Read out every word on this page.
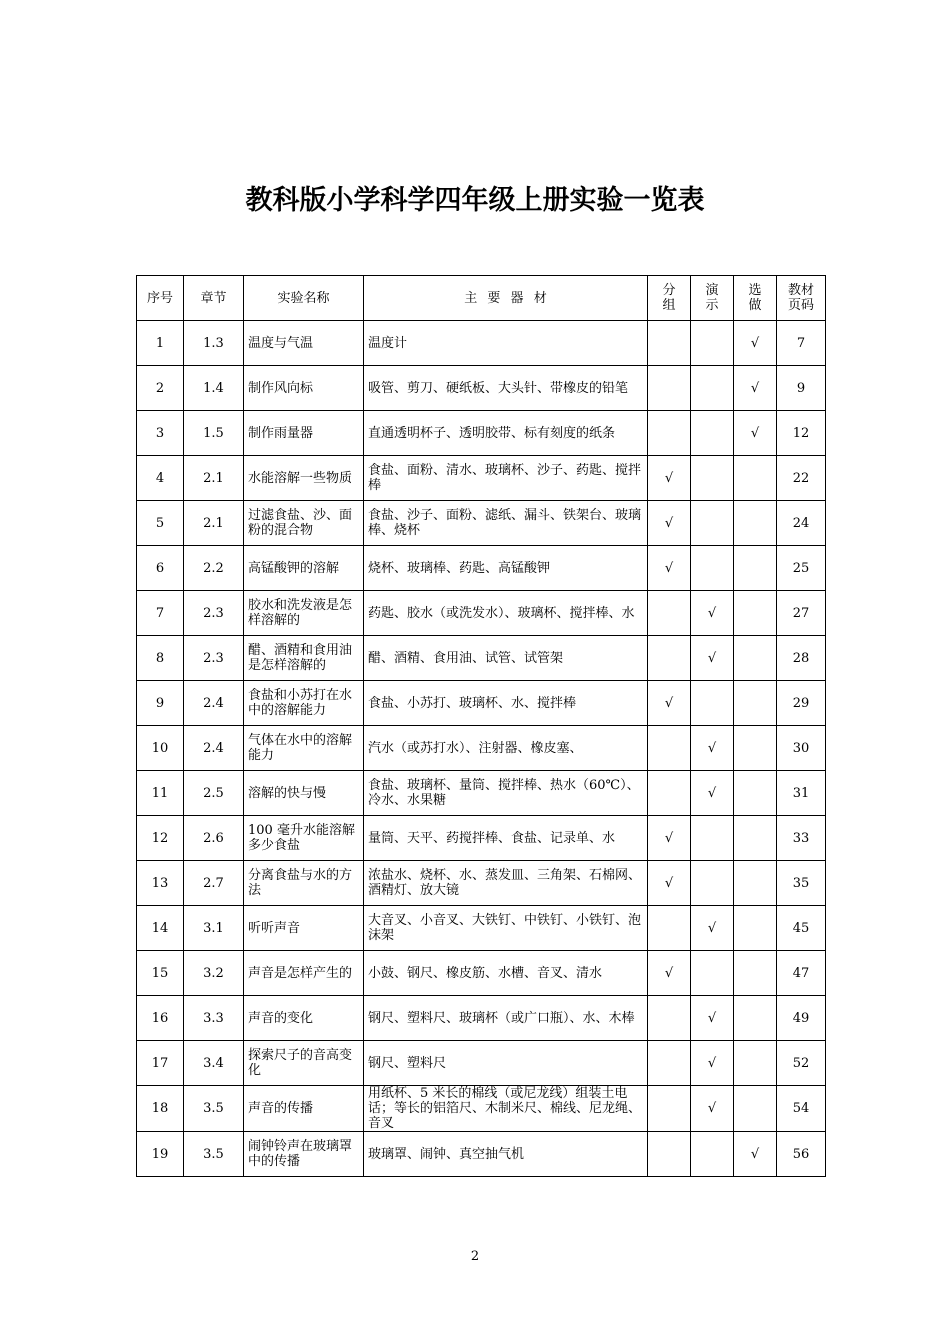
教科版小学科学四年级上册实验一览表
序号	章节	实验名称	主 要 器 材	分组	演示	选做	教材页码
1	1.3	温度与气温	温度计			√	7
2	1.4	制作风向标	吸管、剪刀、硬纸板、大头针、带橡皮的铅笔			√	9
3	1.5	制作雨量器	直通透明杯子、透明胶带、标有刻度的纸条			√	12
4	2.1	水能溶解一些物质	食盐、面粉、清水、玻璃杯、沙子、药匙、搅拌棒	√			22
5	2.1	过滤食盐、沙、面粉的混合物	食盐、沙子、面粉、滤纸、漏斗、铁架台、玻璃棒、烧杯	√			24
6	2.2	高锰酸钾的溶解	烧杯、玻璃棒、药匙、高锰酸钾	√			25
7	2.3	胶水和洗发液是怎样溶解的	药匙、胶水（或洗发水）、玻璃杯、搅拌棒、水		√		27
8	2.3	醋、酒精和食用油是怎样溶解的	醋、酒精、食用油、试管、试管架		√		28
9	2.4	食盐和小苏打在水中的溶解能力	食盐、小苏打、玻璃杯、水、搅拌棒	√			29
10	2.4	气体在水中的溶解能力	汽水（或苏打水）、注射器、橡皮塞、		√		30
11	2.5	溶解的快与慢	食盐、玻璃杯、量筒、搅拌棒、热水（60℃）、冷水、水果糖		√		31
12	2.6	100 毫升水能溶解多少食盐	量筒、天平、药搅拌棒、食盐、记录单、水	√			33
13	2.7	分离食盐与水的方法	浓盐水、烧杯、水、蒸发皿、三角架、石棉网、酒精灯、放大镜	√			35
14	3.1	听听声音	大音叉、小音叉、大铁钉、中铁钉、小铁钉、泡沫架		√		45
15	3.2	声音是怎样产生的	小鼓、钢尺、橡皮筋、水槽、音叉、清水	√			47
16	3.3	声音的变化	钢尺、塑料尺、玻璃杯（或广口瓶）、水、木棒		√		49
17	3.4	探索尺子的音高变化	钢尺、塑料尺		√		52
18	3.5	声音的传播	用纸杯、5 米长的棉线（或尼龙线）组装土电话；等长的铝箔尺、木制米尺、棉线、尼龙绳、音叉		√		54
19	3.5	闹钟铃声在玻璃罩中的传播	玻璃罩、闹钟、真空抽气机			√	56
2
